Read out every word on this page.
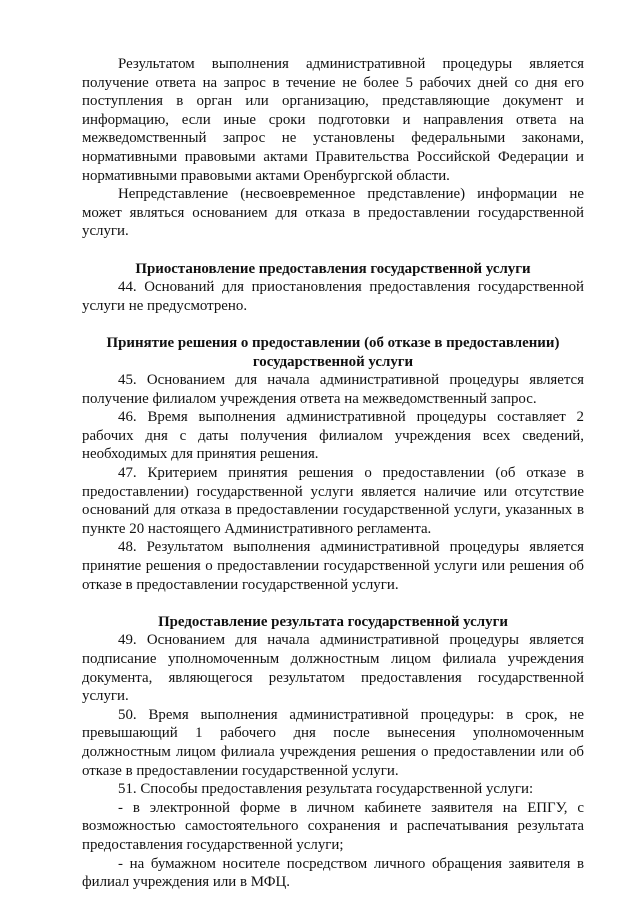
Результатом выполнения административной процедуры является получение ответа на запрос в течение не более 5 рабочих дней со дня его поступления в орган или организацию, представляющие документ и информацию, если иные сроки подготовки и направления ответа на межведомственный запрос не установлены федеральными законами, нормативными правовыми актами Правительства Российской Федерации и нормативными правовыми актами Оренбургской области.

Непредставление (несвоевременное представление) информации не может являться основанием для отказа в предоставлении государственной услуги.

Приостановление предоставления государственной услуги

44. Оснований для приостановления предоставления государственной услуги не предусмотрено.

Принятие решения о предоставлении (об отказе в предоставлении) государственной услуги

45. Основанием для начала административной процедуры является получение филиалом учреждения ответа на межведомственный запрос.

46. Время выполнения административной процедуры составляет 2 рабочих дня с даты получения филиалом учреждения всех сведений, необходимых для принятия решения.

47. Критерием принятия решения о предоставлении (об отказе в предоставлении) государственной услуги является наличие или отсутствие оснований для отказа в предоставлении государственной услуги, указанных в пункте 20 настоящего Административного регламента.

48. Результатом выполнения административной процедуры является принятие решения о предоставлении государственной услуги или решения об отказе в предоставлении государственной услуги.

Предоставление результата государственной услуги

49. Основанием для начала административной процедуры является подписание уполномоченным должностным лицом филиала учреждения документа, являющегося результатом предоставления государственной услуги.

50. Время выполнения административной процедуры: в срок, не превышающий 1 рабочего дня после вынесения уполномоченным должностным лицом филиала учреждения решения о предоставлении или об отказе в предоставлении государственной услуги.

51. Способы предоставления результата государственной услуги:

- в электронной форме в личном кабинете заявителя на ЕПГУ, с возможностью самостоятельного сохранения и распечатывания результата предоставления государственной услуги;

- на бумажном носителе посредством личного обращения заявителя в филиал учреждения или в МФЦ.
